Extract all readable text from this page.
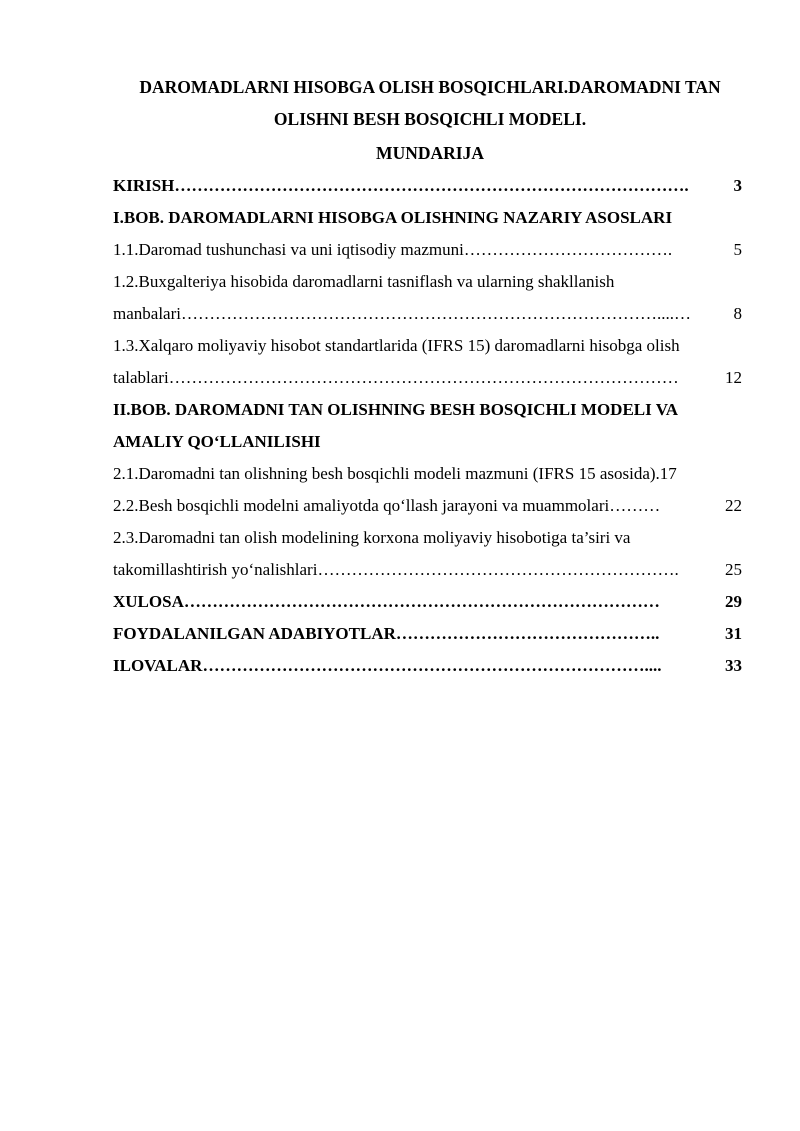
DAROMADLARNI HISOBGA OLISH BOSQICHLARI.DAROMADNI TAN
OLISHNI BESH BOSQICHLI MODELI.
MUNDARIJA
KIRISH ……………………………………………………………………………….	3
I.BOB. DAROMADLARNI HISOBGA OLISHNING NAZARIY ASOSLARI
1.1.Daromad tushunchasi va uni iqtisodiy mazmuni ……………………………….	5
1.2.Buxgalteriya hisobida daromadlarni tasniflash va ularning shakllanish
manbalari …………………………………………………………………………....…	8
1.3.Xalqaro moliyaviy hisobot standartlarida (IFRS 15) daromadlarni hisobga olish
talablari ………………………………………………………………………………	12
II.BOB. DAROMADNI TAN OLISHNING BESH BOSQICHLI MODELI VA
AMALIY QO‘LLANILISHI
2.1.Daromadni tan olishning besh bosqichli modeli mazmuni (IFRS 15 asosida). 17
2.2.Besh bosqichli modelni amaliyotda qo‘llash jarayoni va muammolari ………	22
2.3.Daromadni tan olish modelining korxona moliyaviy hisobotiga ta’siri va
takomillashtirish yo‘nalishlari ……………………………………………………….	25
XULOSA …………………………………………………………………………	29
FOYDALANILGAN ADABIYOTLAR ………………………………………..	31
ILOVALAR ……………………………………………………………………....	33
